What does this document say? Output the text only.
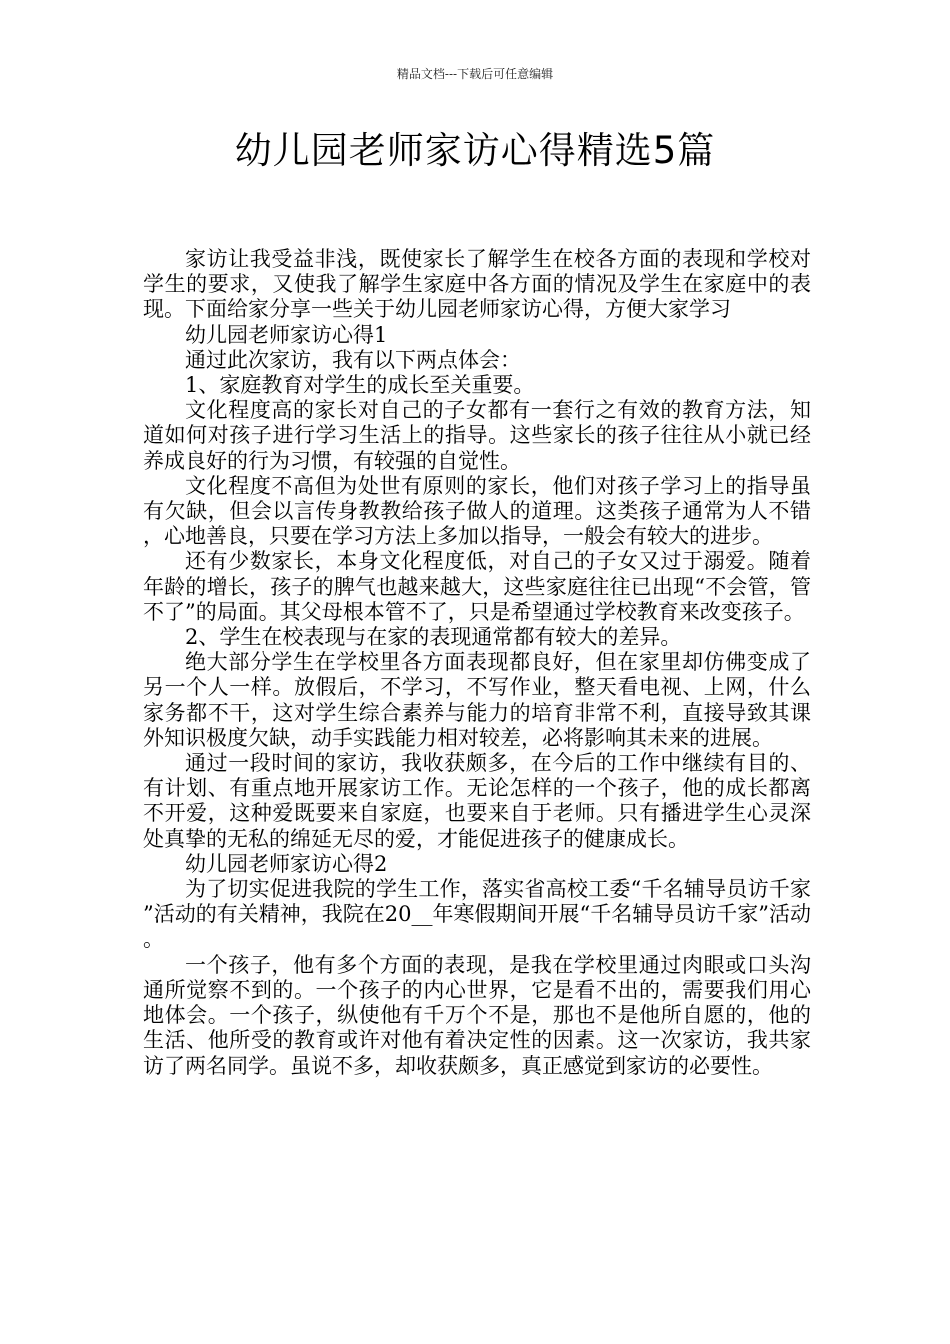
精品文档---下载后可任意编辑
幼儿园老师家访心得精选5篇

家访让我受益非浅，既使家长了解学生在校各方面的表现和学校对学生的要求，又使我了解学生家庭中各方面的情况及学生在家庭中的表现。下面给家分享一些关于幼儿园老师家访心得，方便大家学习

幼儿园老师家访心得1

通过此次家访，我有以下两点体会：

1、家庭教育对学生的成长至关重要。

文化程度高的家长对自己的子女都有一套行之有效的教育方法，知道如何对孩子进行学习生活上的指导。这些家长的孩子往往从小就已经养成良好的行为习惯，有较强的自觉性。

文化程度不高但为处世有原则的家长，他们对孩子学习上的指导虽有欠缺，但会以言传身教教给孩子做人的道理。这类孩子通常为人不错，心地善良，只要在学习方法上多加以指导，一般会有较大的进步。

还有少数家长，本身文化程度低，对自己的子女又过于溺爱。随着年龄的增长，孩子的脾气也越来越大，这些家庭往往已出现“不会管，管不了”的局面。其父母根本管不了，只是希望通过学校教育来改变孩子。

2、学生在校表现与在家的表现通常都有较大的差异。

绝大部分学生在学校里各方面表现都良好，但在家里却仿佛变成了另一个人一样。放假后，不学习，不写作业，整天看电视、上网，什么家务都不干，这对学生综合素养与能力的培育非常不利，直接导致其课外知识极度欠缺，动手实践能力相对较差，必将影响其未来的进展。

通过一段时间的家访，我收获颇多，在今后的工作中继续有目的、有计划、有重点地开展家访工作。无论怎样的一个孩子，他的成长都离不开爱，这种爱既要来自家庭，也要来自于老师。只有播进学生心灵深处真挚的无私的绵延无尽的爱，才能促进孩子的健康成长。

幼儿园老师家访心得2

为了切实促进我院的学生工作，落实省高校工委“千名辅导员访千家”活动的有关精神，我院在20__年寒假期间开展“千名辅导员访千家”活动。

一个孩子，他有多个方面的表现，是我在学校里通过肉眼或口头沟通所觉察不到的。一个孩子的内心世界，它是看不出的，需要我们用心地体会。一个孩子，纵使他有千万个不是，那也不是他所自愿的，他的生活、他所受的教育或许对他有着决定性的因素。这一次家访，我共家访了两名同学。虽说不多，却收获颇多，真正感觉到家访的必要性。
